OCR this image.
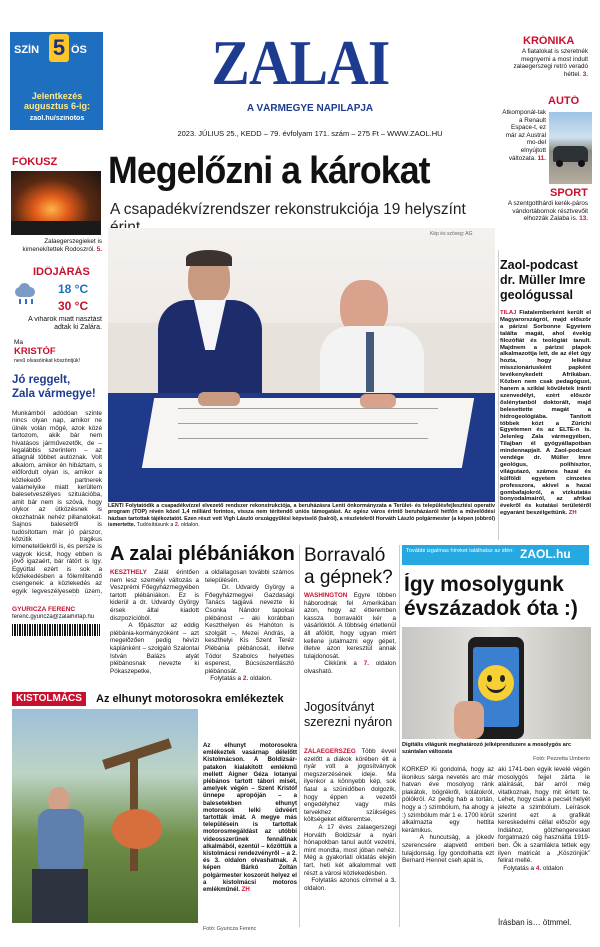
SZÍN 5 ÖS
Jelentkezés
augusztus 6-ig:
zaol.hu/szinotos
ZALAI
A VÁRMEGYE NAPILAPJA
2023. JÚLIUS 25., KEDD – 79. évfolyam 171. szám – 275 Ft – WWW.ZAOL.HU
KRÓNIKA
A fiatalokat is szeretnék megnyerni a most indult zalaegerszegi retró veradó héttel. 3.
AUTÓ
Átkomponál-tak a Renault Espace-t, ez már az Austral mo-del elnyújtott változata. 11.
SPORT
A szentgotthárdi kerék-páros vándortábornok résztvevőit elhozzák Zalaba is. 13.
FÓKUSZ
Zalaegerszegieket is kimenekítettek Rodoszról. 5.
IDŐJÁRÁS
18 °C
30 °C
A viharok miatt riasztást adtak ki Zalára.
Ma
KRISTÓF
nevű olvasóinkat köszöntjük!
Jó reggelt,
Zala vármegye!
Munkámból adódóan szinte nincs olyan nap, amikor ne ülnék volán mögé, azok közé tartozom, akik bár nem hivatásos járművezetők, de – legalábbis szerintem – az átlagnál többet autóznak. Volt alkalom, amikor én hibáztam, s előfordult olyan is, amikor a közlekedő partnerek valamelyike miatt kerültem balesetveszélyes szituációba, amit bár nem is szóvá, hogy olykor az ütközésnek is okozhatnák nehéz pillanatokat. Sajnos balesetről is tudósítottam már jó párszor, közútik tragikus kimenetelűekről is, és persze is vagyok kicsit, hogy ebben is jövő igazaért, bár rátört is így. Egyúttal ezért is sok a közlekedésben a fölemlítendő csengenek: a közlekedés az egyik legveszélyesebb üzem,
GYURICZA FERENC
ferenc.gyuricza@zalaihirlap.hu
Megelőzni a károkat
A csapadékvízrendszer rekonstrukciója 19 helyszínt
Kép és szöveg: AG
LENTI Folytatódik a csapadékvízzel elvezető rendszer rekonstrukciója, a beruházásra Lenti önkormányzata a Terület- és településfejlesztési operatív program (TOP) révén közel 1,4 milliárd forintos, vissza nem térítendő uniós támogatást. Az egész város érintő beruházásról hétfőn a művelődési házban tartottak tájékoztatót. Ezen részt vett Vigh László országgyűlési képviselő (balról), a részletekről Horváth László polgármester (a képen jobbról) ismertette. Tudósításunk a 2. oldalon.
A zalai plébániákon
KESZTHELY Zalát érintően nem lesz személyi változás a Veszprémi Főegyházmegyében tartott plébániákon. Ez is kiderül a dr. Udvardy György érsek által kiadott diszpozícióból.
A főpásztor az eddig plébánia-kormányzóként – azt megelőzően pedig hévízi káplánként – szolgáló Szalontai István Balázs atyát plébánosnak nevezte ki Pókaszepetke,
a oldallagosan további számos településén.
Dr. Udvardy György a Főegyházmegyei Gazdasági Tanács tagjává nevezte ki Csonka Nándor tapolcai plébánost – aki korábban Keszthelyen és Hahóton is szolgált –, Mezei András, a keszthelyi Kis Szent Teréz Plébánia plébánosát, illetve Tódor Szabolcs helyettes esperest, Búcsúszentlászló plébánosát.
Folytatás a 2. oldalon.
KISTOLMÁCS	Az elhunyt motorosokra emlékeztek
Az elhunyt motorosokra emlékeztek vasárnap délelőtt Kistolmácson. A Boldizsár-patakon kialakított emlékmű mellett Aigner Géza lotanyai plébános tartott tábori misét, amelyek végén – Szent Kristóf ünnepe apropóján – a balesetekben elhunyt motorosok lelki üdvéért tartották imát. A megye más településein is tartottak motorosmegáldást az utóbbi videosszerűnek fennállnak alkalmából, ezentúl – közöttük a kistolmácsi rendezvényről – a 2. és 3. oldalon olvashatnak. A képen Bárkó Zoltán polgármester koszorút helyez el a kistolmácsi motoros emlékműnél. ZH
Fotó: Gyuricza Ferenc
Borravaló a gépnek?
WASHINGTON Egyre többen háborodnak fel Amerikában azon, hogy az étteremben kassza borravalót kér a vásárlóktól. A többség értetlenül áll afölött, hogy ugyan miért kellene jutalmazni egy gépet, illetve azon keresztül annak tulajdonosát.
Cikkünk a 7. oldalon olvasható.
Jogosítványt szerezni nyáron
ZALAEGERSZEG Több évvel ezelőtt a diákok körében élt a nyár volt a jogosítványok megszerzésének ideje. Ma ilyenkor a könnyebb kép, sok fiatal a szünidőben dolgozik, hogy éppen a vezetői engedélyhez vagy más tervekhez szükséges költségeket előteremtse.
A 17 éves zalaegerszegi Horváth Boldizsár a nyári hónapokban tanul autót vezetni, mint mondta, most jóban nehéz. Még a gyakorlati oktatás elején tart, heti két alkalommal vett részt a városi közlekedésben.
Folytatás azonos címmel a 3. oldalon.
További izgalmas híreket találhatsz az idén: ZAOL.hu
Így mosolygunk évszázadok óta :)
Digitális világunk meghatározó jelképrendszere a mosolygós arc szántalan változata
Fotó: Pezzetta Umberto
KÖRKÉP Ki gondolná, hogy az ikonikus sárga nevetés arc már hatvan éve mosolyog ránk plakátok, bögrékről, kólátokról, pólókról. Az pedig hab a tortán, hogy a :) szimbólum, ha ahogy a :) szimbólum már 1 e. 1700 körül alkalmazta egy hettita kerámikus.
A huncutság, a jókedv szerencsére alapvető emberi tulajdonság. Így gondolhatta ezt Bernard Hennet cseh apát is,
aki 1741-ben egyik levelé végén mosolygós fejjel zárta le aláírását, bár arról még vitatkoznak, hogy mit értett te. Lehet, hogy csak a pecsét helyét jelezte a szimbólum. Leírások szerint ezt a grafikát kereskedelmi céllal először egy Indiához, gölzhengeresket forgalmazó cég használta 1919-ben. Ők a szamlákra tettek egy ilyen matricát a „Köszönjük” felirat mellé.
Folytatás a 4. oldalon
Írásban is… ötmmel.
Zaol-podcast dr. Müller Imre geológussal
TILAJ Fiatalemberként került el Magyarországról, majd először a párizsi Sorbonne Egyetem találta magát, ahol évekig filozófiát és teológiát tanult. Majdnem a párizsi plapok alkalmazottja lett, de az élet úgy hozta, hogy lelkész misszionáriusként papként tevékenykedett Afrikában. Közben nem csak pedagógust, hanem a sziklai kövületek iránti szenvedélyt, ezért először őslénytanból doktorált, majd belesettette magát a hidrogeológiába. Tanított többek közt a Zürichi Egyetemen és az ELTE-n is. Jelenleg Zala vármegyében, Tilajban él gyógyállapotban mindennapjait. A Zaol-podcast vendége dr. Müller Imre geológus, polihisztor, világutazó, számos hazai és külföldi egyetem címzetes professzora, akivel a hazai gombafajokról, a vízkutatás bonyodalmairól, az afrikai évekről és kutatási területéről egyaránt beszélgettünk. ZH
